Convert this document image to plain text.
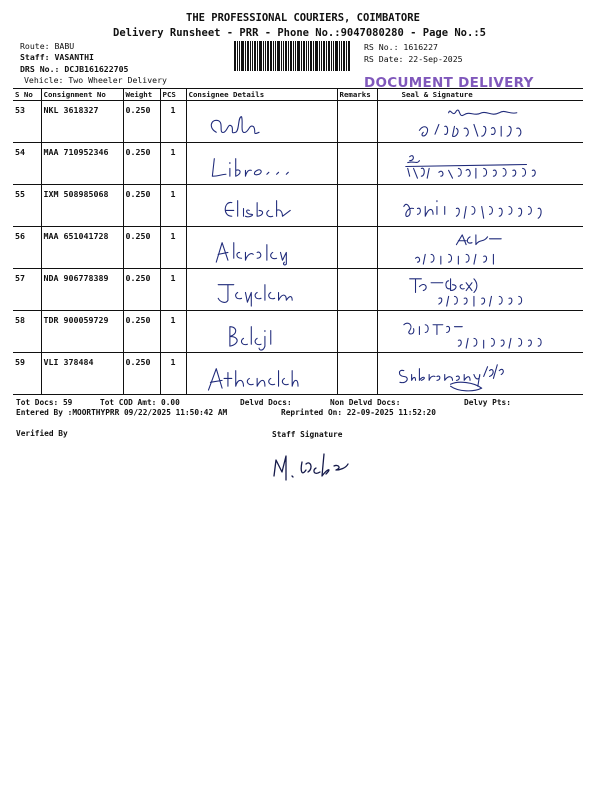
THE PROFESSIONAL COURIERS, COIMBATORE
Delivery Runsheet - PRR - Phone No.:9047080280 - Page No.:5
Route: BABU
Staff: VASANTHI
DRS No.: DCJB161622705
Vehicle: Two Wheeler Delivery
RS No.: 1616227
RS Date: 22-Sep-2025
DOCUMENT DELIVERY
S No	Consignment No	Weight	PCS	Consignee Details	Remarks	Seal & Signature
53	NKL 3618327	0.250	1	

54	MAA 710952346	0.250	1	

55	IXM 508985068	0.250	1	

56	MAA 651041728	0.250	1	

57	NDA 906778389	0.250	1	

58	TDR 900059729	0.250	1	

59	VLI 378484	0.250	1	

Tot Docs: 59	Tot COD Amt: 0.00	Delvd Docs:	Non Delvd Docs:	Delvy Pts:
Entered By :MOORTHYPRR 09/22/2025 11:50:42 AM	Reprinted On: 22-09-2025 11:52:20
Verified By	Staff Signature
